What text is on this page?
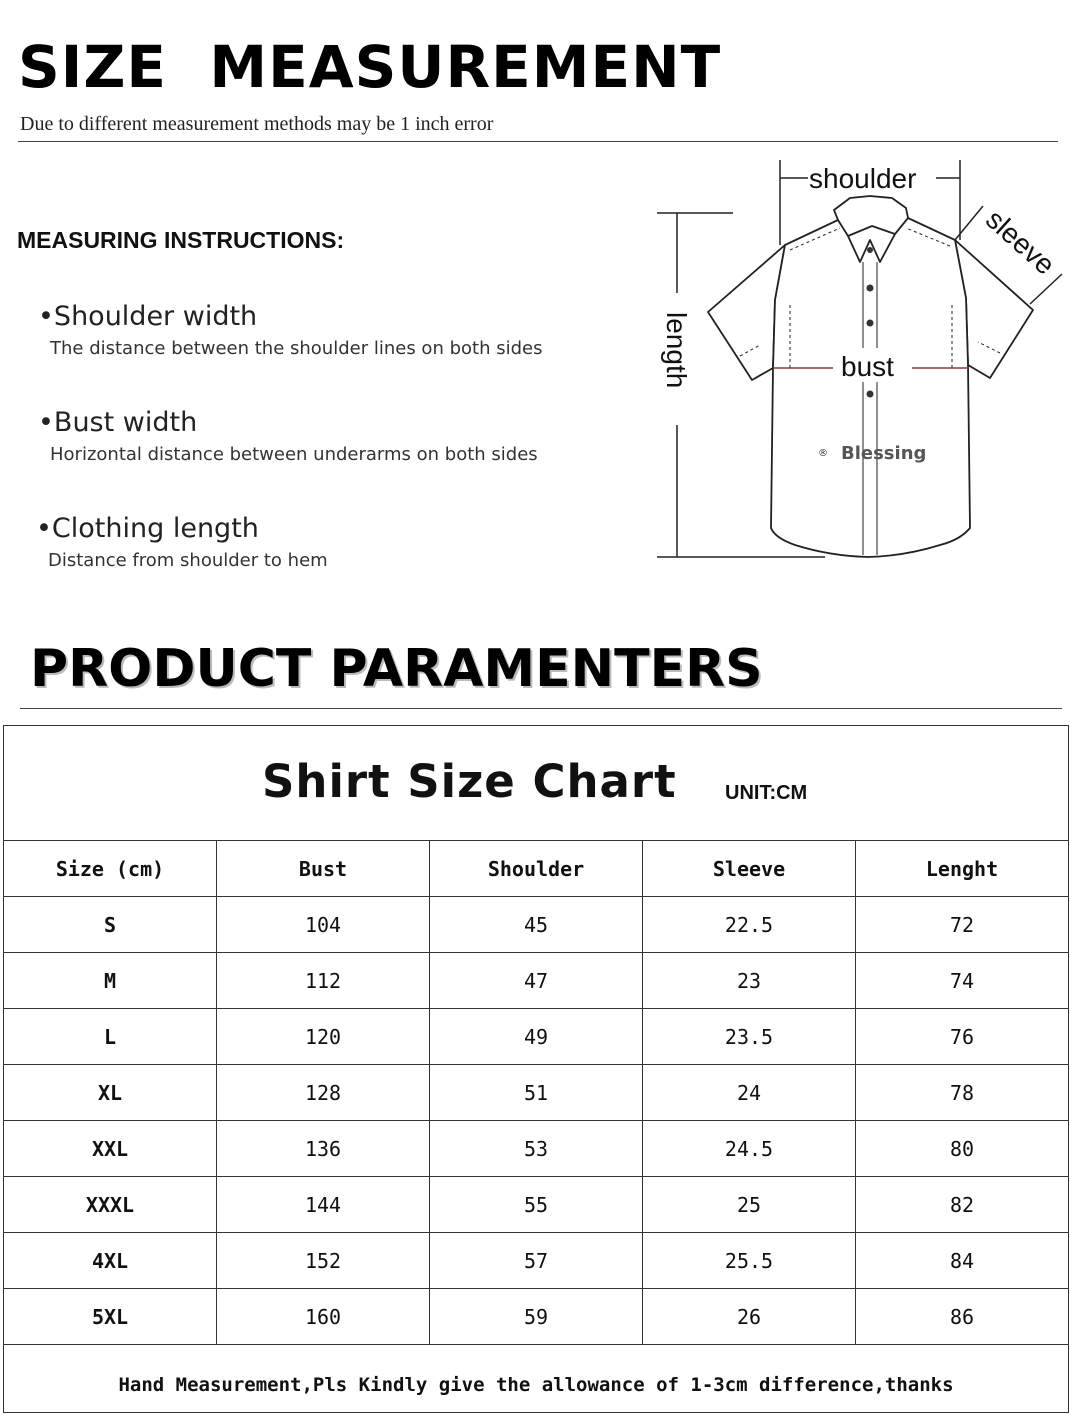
SIZE  MEASUREMENT
Due to different measurement methods may be 1 inch error
MEASURING INSTRUCTIONS:
•Shoulder width
The distance between the shoulder lines on both sides
•Bust width
Horizontal distance between underarms on both sides
•Clothing length
Distance from shoulder to hem
shoulder
sleeve
length	bust
® Blessing
PRODUCT PARAMENTERS
Shirt Size Chart UNIT:CM
Size (cm)	Bust	Shoulder	Sleeve	Lenght
S	104	45	22.5	72
M	112	47	23	74
L	120	49	23.5	76
XL	128	51	24	78
XXL	136	53	24.5	80
XXXL	144	55	25	82
4XL	152	57	25.5	84
5XL	160	59	26	86
Hand Measurement,Pls Kindly give the allowance of 1-3cm difference,thanks
